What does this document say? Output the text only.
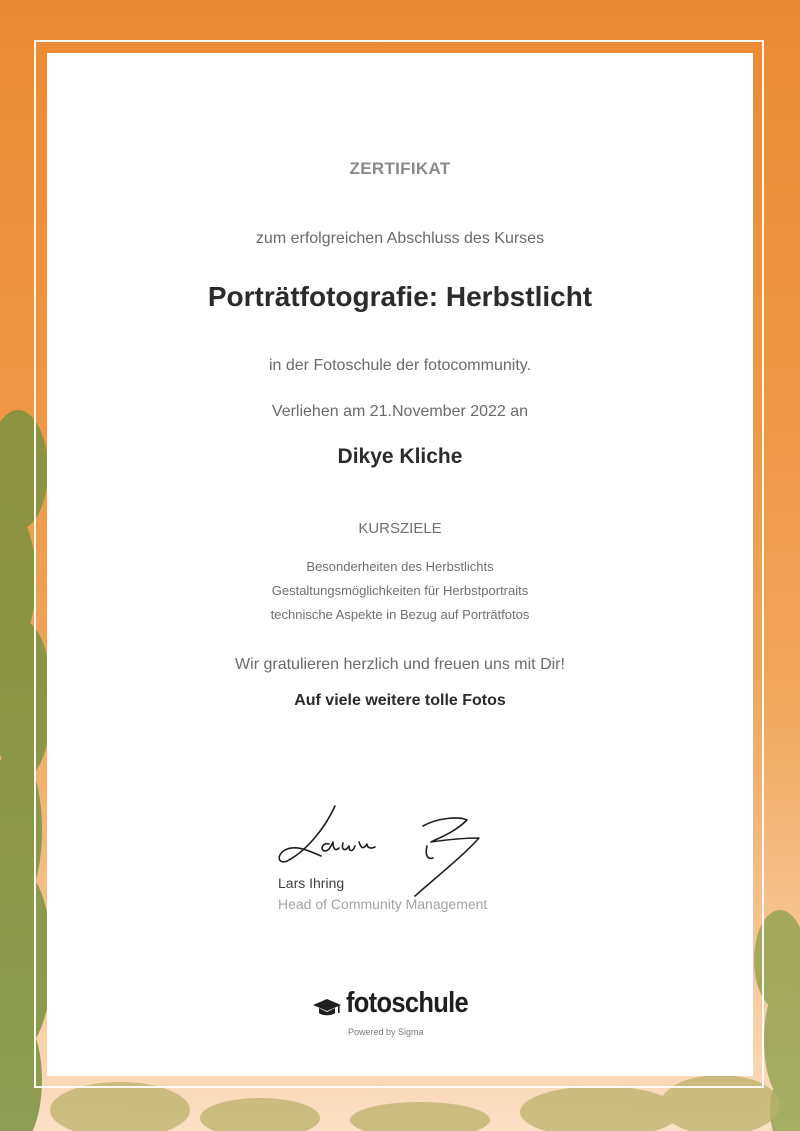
ZERTIFIKAT
zum erfolgreichen Abschluss des Kurses
Porträtfotografie: Herbstlicht
in der Fotoschule der fotocommunity.
Verliehen am 21.November 2022 an
Dikye Kliche
KURSZIELE
Besonderheiten des Herbstlichts
Gestaltungsmöglichkeiten für Herbstportraits
technische Aspekte in Bezug auf Porträtfotos
Wir gratulieren herzlich und freuen uns mit Dir!
Auf viele weitere tolle Fotos
Lars Ihring
Head of Community Management
fotoschule
Powered by Sigma
